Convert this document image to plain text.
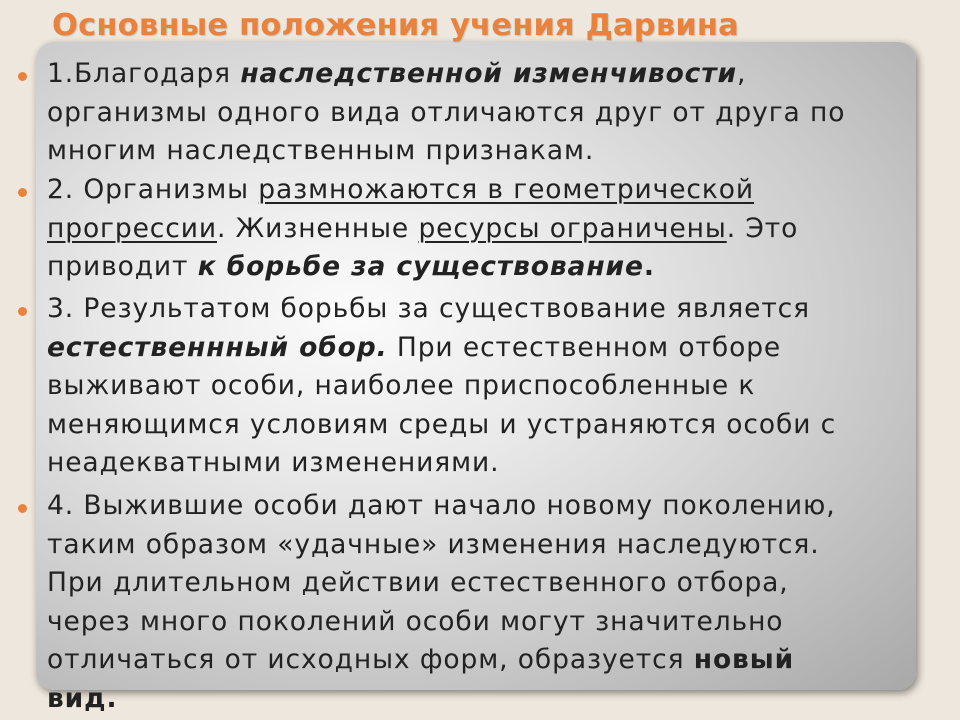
Основные положения учения Дарвина

1.Благодаря наследственной изменчивости,
организмы одного вида отличаются друг от друга по
многим наследственным признакам.

2. Организмы размножаются в геометрической
прогрессии. Жизненные ресурсы ограничены. Это
приводит к борьбе за существование.

3. Результатом борьбы за существование является
естественнный обор. При естественном отборе
выживают особи, наиболее приспособленные к
меняющимся условиям среды и устраняются особи с
неадекватными изменениями.

4. Выжившие особи дают начало новому поколению,
таким образом «удачные» изменения наследуются.
При длительном действии естественного отбора,
через много поколений особи могут значительно
отличаться от исходных форм, образуется новый
вид.
